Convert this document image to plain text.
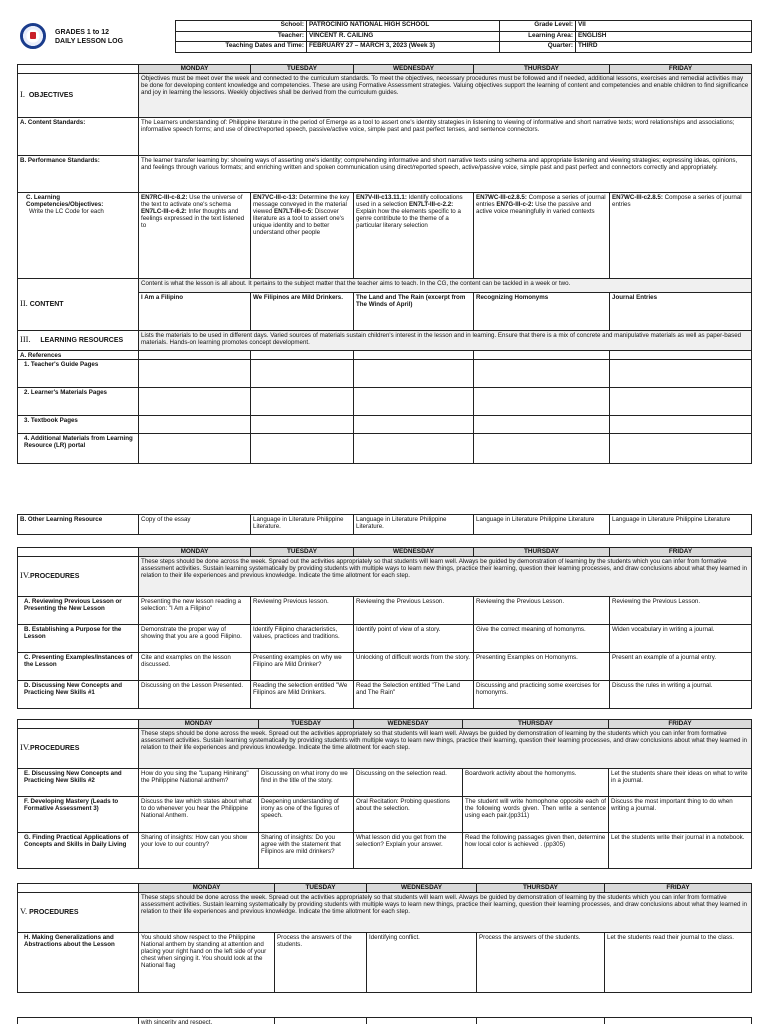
GRADES 1 to 12
DAILY LESSON LOG
School:	PATROCINIO NATIONAL HIGH SCHOOL	Grade Level:	VII
Teacher:	VINCENT R. CAILING	Learning Area:	ENGLISH
Teaching Dates and Time:	FEBRUARY 27 – MARCH 3, 2023 (Week 3)	Quarter:	THIRD
	MONDAY	TUESDAY	WEDNESDAY	THURSDAY	FRIDAY
I. OBJECTIVES	Objectives must be meet over the week and connected to the curriculum standards. To meet the objectives, necessary procedures must be followed and if needed, additional lessons, exercises and remedial activities may be done for developing content knowledge and competencies. These are using Formative Assessment strategies. Valuing objectives support the learning of content and competencies and enable children to find significance and joy in learning the lessons. Weekly objectives shall be derived from the curriculum guides.				
A. Content Standards:	The Learners understanding of: Philippine literature in the period of Emerge as a tool to assert one's identity strategies in listening to viewing of informative and short narrative texts; word relationships and associations; informative speech forms; and use of direct/reported speech, passive/active voice, simple past and past perfect tenses, and sentence connectors.				
B. Performance Standards:	The learner transfer learning by: showing ways of asserting one's identity; comprehending informative and short narrative texts using schema and appropriate listening and viewing strategies; expressing ideas, opinions, and feelings through various formats; and enriching written and spoken communication using direct/reported speech, active/passive voice, simple past and past perfect and connectors correctly and appropriately.				

C. Learning Competencies/Objectives:
Write the LC Code for each	EN7RC-III-c-8.2: Use the universe of the text to activate one's schema EN7LC-III-c-6.2: Infer thoughts and feelings expressed in the text listened to	EN7VC-III-c-13: Determine the key message conveyed in the material viewed EN7LT-III-c-5: Discover literature as a tool to assert one's unique identity and to better understand other people	EN7V-III-c13.11.1: Identify collocations used in a selection EN7LT-III-c-2.2: Explain how the elements specific to a genre contribute to the theme of a particular literary selection	EN7WC-III-c2.8.5: Compose a series of journal entries EN7G-III-c-2: Use the passive and active voice meaningfully in varied contexts	EN7WC-III-c2.8.5: Compose a series of journal entries
II. CONTENT	Content is what the lesson is all about. It pertains to the subject matter that the teacher aims to teach. In the CG, the content can be tackled in a week or two.				
	I Am a Filipino	We Filipinos are Mild Drinkers.	The Land and The Rain (excerpt from The Winds of April)	Recognizing Homonyms	Journal Entries
III. LEARNING RESOURCES	Lists the materials to be used in different days. Varied sources of materials sustain children's interest in the lesson and in learning. Ensure that there is a mix of concrete and manipulative materials as well as paper-based materials. Hands-on learning promotes concept development.				
A. References					
1. Teacher's Guide Pages					
2. Learner's Materials Pages					
3. Textbook Pages					
4. Additional Materials from Learning Resource (LR) portal					
B. Other Learning Resource	Copy of the essay	Language in Literature Philippine Literature.	Language in Literature Philippine Literature.	Language in Literature Philippine Literature	Language in Literature Philippine Literature
	MONDAY	TUESDAY	WEDNESDAY	THURSDAY	FRIDAY
IV.PROCEDURES	These steps should be done across the week. Spread out the activities appropriately so that students will learn well. Always be guided by demonstration of learning by the students which you can infer from formative assessment activities. Sustain learning systematically by providing students with multiple ways to learn new things, practice their learning, question their learning processes, and draw conclusions about what they learned in relation to their life experiences and previous knowledge. Indicate the time allotment for each step.				
A. Reviewing Previous Lesson or Presenting the New Lesson	Presenting the new lesson reading a selection: "I Am a Filipino"	Reviewing Previous lesson.	Reviewing the Previous Lesson.	Reviewing the Previous Lesson.	Reviewing the Previous Lesson.
B. Establishing a Purpose for the Lesson	Demonstrate the proper way of showing that you are a good Filipino.	Identify Filipino characteristics, values, practices and traditions.	Identify point of view of a story.	Give the correct meaning of homonyms.	Widen vocabulary in writing a journal.
C. Presenting Examples/Instances of the Lesson	Cite and examples on the lesson discussed.	Presenting examples on why we Filipino are Mild Drinker?	Unlocking of difficult words from the story.	Presenting Examples on Homonyms.	Present an example of a journal entry.
D. Discussing New Concepts and Practicing New Skills #1	Discussing on the Lesson Presented.	Reading the selection entitled "We Filipinos are Mild Drinkers.	Read the Selection entitled "The Land and The Rain"	Discussing and practicing some exercises for homonyms.	Discuss the rules in writing a journal.
	MONDAY	TUESDAY	WEDNESDAY	THURSDAY	FRIDAY
IV.PROCEDURES	These steps should be done across the week. Spread out the activities appropriately so that students will learn well. Always be guided by demonstration of learning by the students which you can infer from formative assessment activities. Sustain learning systematically by providing students with multiple ways to learn new things, practice their learning, question their learning processes, and draw conclusions about what they learned in relation to their life experiences and previous knowledge. Indicate the time allotment for each step.				
E. Discussing New Concepts and Practicing New Skills #2	How do you sing the "Lupang Hinirang" the Philippine National anthem?	Discussing on what irony do we find in the title of the story.	Discussing on the selection read.	Boardwork activity about the homonyms.	Let the students share their ideas on what to write in a journal.
F. Developing Mastery (Leads to Formative Assessment 3)	Discuss the law which states about what to do whenever you hear the Philippine National Anthem.	Deepening understanding of irony as one of the figures of speech.	Oral Recitation: Probing questions about the selection.	The student will write homophone opposite each of the following words given. Then write a sentence using each pair.(pp311)	Discuss the most important thing to do when writing a journal.
G. Finding Practical Applications of Concepts and Skills in Daily Living	Sharing of insights: How can you show your love to our country?	Sharing of insights: Do you agree with the statement that Filipinos are mild drinkers?	What lesson did you get from the selection? Explain your answer.	Read the following passages given then, determine how local color is achieved . (pp305)	Let the students write their journal in a notebook.
	MONDAY	TUESDAY	WEDNESDAY	THURSDAY	FRIDAY
V. PROCEDURES	These steps should be done across the week. Spread out the activities appropriately so that students will learn well. Always be guided by demonstration of learning by the students which you can infer from formative assessment activities. Sustain learning systematically by providing students with multiple ways to learn new things, practice their learning, question their learning processes, and draw conclusions about what they learned in relation to their life experiences and previous knowledge. Indicate the time allotment for each step.				
H. Making Generalizations and Abstractions about the Lesson	You should show respect to the Philippine National anthem by standing at attention and placing your right hand on the left side of your chest when singing it. You should look at the National flag	Process the answers of the students.	Identifying conflict.	Process the answers of the students.	Let the students read their journal to the class.
	with sincerity and respect.				
